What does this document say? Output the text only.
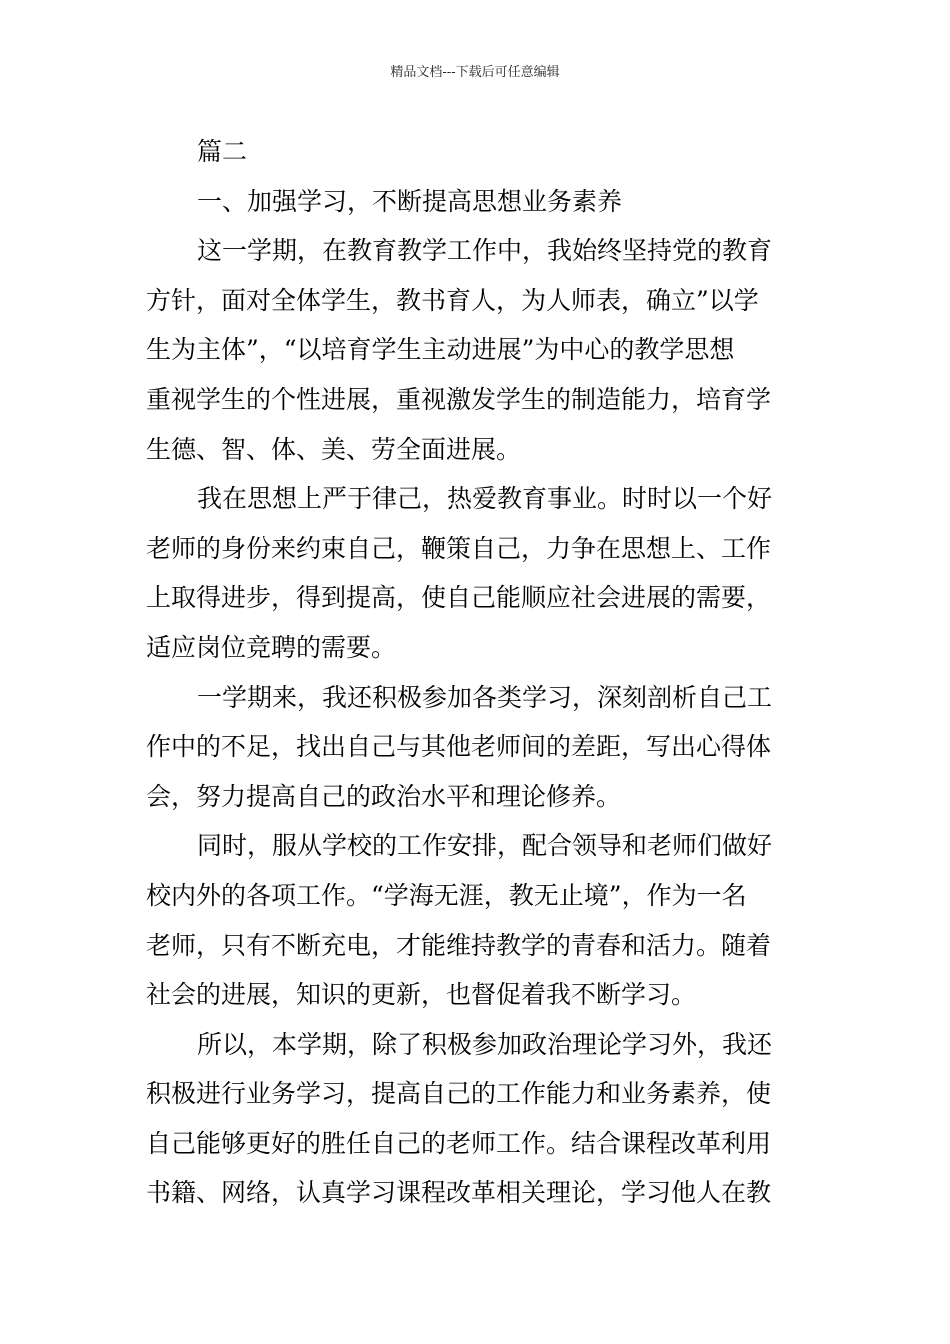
精品文档---下载后可任意编辑
篇二
一、加强学习，不断提高思想业务素养
这一学期，在教育教学工作中，我始终坚持党的教育
方针，面对全体学生，教书育人，为人师表，确立”以学
生为主体”，“以培育学生主动进展”为中心的教学思想
重视学生的个性进展，重视激发学生的制造能力，培育学
生德、智、体、美、劳全面进展。
我在思想上严于律己，热爱教育事业。时时以一个好
老师的身份来约束自己，鞭策自己，力争在思想上、工作
上取得进步，得到提高，使自己能顺应社会进展的需要，
适应岗位竞聘的需要。
一学期来，我还积极参加各类学习，深刻剖析自己工
作中的不足，找出自己与其他老师间的差距，写出心得体
会，努力提高自己的政治水平和理论修养。
同时，服从学校的工作安排，配合领导和老师们做好
校内外的各项工作。“学海无涯，教无止境”，作为一名
老师，只有不断充电，才能维持教学的青春和活力。随着
社会的进展，知识的更新，也督促着我不断学习。
所以，本学期，除了积极参加政治理论学习外，我还
积极进行业务学习，提高自己的工作能力和业务素养，使
自己能够更好的胜任自己的老师工作。结合课程改革利用
书籍、网络，认真学习课程改革相关理论，学习他人在教
